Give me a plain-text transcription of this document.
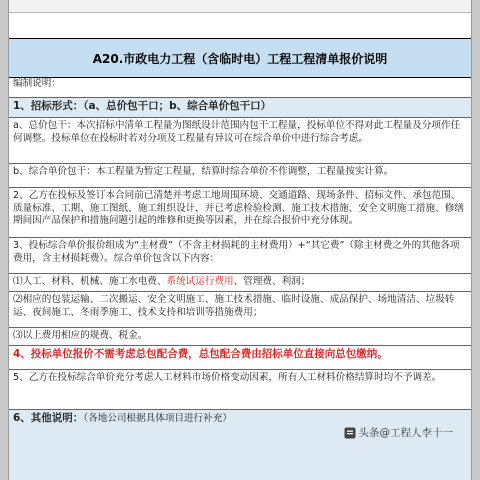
A20.市政电力工程（含临时电）工程工程清单报价说明
编制说明：
1、招标形式：（a、总价包干口；b、综合单价包干口）
a、总价包干：本次招标中清单工程量为图纸设计范围内包干工程量，投标单位不得对此工程量及分项作任何调整。投标单位在投标时若对分项及工程量有异议可在综合单价中进行综合考虑。
b、综合单价包干：本工程量为暂定工程量，结算时综合单价不作调整，工程量按实计算。
2、乙方在投标及签订本合同前已清楚并考虑工地周围环境、交通道路、现场条件、招标文件、承包范围、质量标准、工期、施工图纸、施工组织设计，并已考虑检验检测、施工技术措施、安全文明施工措施、修缮期间因产品保护和措施问题引起的维修和更换等因素，并在综合报价中充分体现。
3、投标综合单价报价组成为“主材费”（不含主材损耗的主材费用）+“其它费”（除主材费之外的其他各项费用，含主材损耗费）。综合单价包含以下内容：
⑴人工、材料、机械、施工水电费、系统试运行费用、管理费、利润；
⑵相应的包装运输、二次搬运、安全文明施工、施工技术措施、临时设施、成品保护、场地清洁、垃圾转运、夜间施工、冬雨季施工、技术支持和培训等措施费用；
⑶以上费用相应的规费、税金。
4、投标单位报价不需考虑总包配合费，总包配合费由招标单位直接向总包缴纳。
5、乙方在投标综合单价充分考虑人工材料市场价格变动因素，所有人工材料价格结算时均不予调差。
6、其他说明：（各地公司根据具体项目进行补充）
头条@工程人李十一
